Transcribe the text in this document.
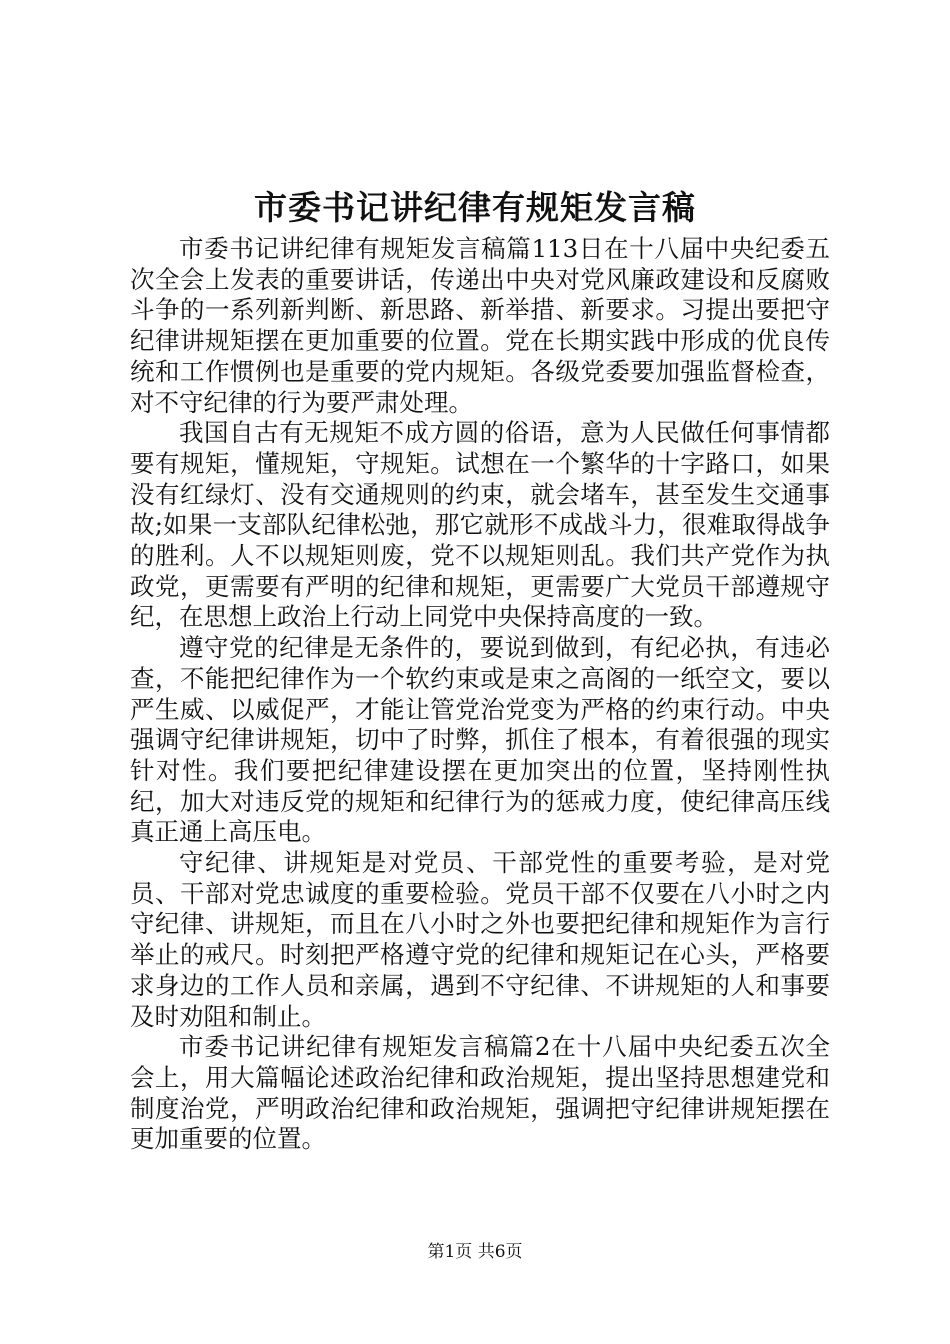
市委书记讲纪律有规矩发言稿

市委书记讲纪律有规矩发言稿篇113日在十八届中央纪委五次全会上发表的重要讲话，传递出中央对党风廉政建设和反腐败斗争的一系列新判断、新思路、新举措、新要求。习提出要把守纪律讲规矩摆在更加重要的位置。党在长期实践中形成的优良传统和工作惯例也是重要的党内规矩。各级党委要加强监督检查，对不守纪律的行为要严肃处理。

我国自古有无规矩不成方圆的俗语，意为人民做任何事情都要有规矩，懂规矩，守规矩。试想在一个繁华的十字路口，如果没有红绿灯、没有交通规则的约束，就会堵车，甚至发生交通事故;如果一支部队纪律松弛，那它就形不成战斗力，很难取得战争的胜利。人不以规矩则废，党不以规矩则乱。我们共产党作为执政党，更需要有严明的纪律和规矩，更需要广大党员干部遵规守纪，在思想上政治上行动上同党中央保持高度的一致。

遵守党的纪律是无条件的，要说到做到，有纪必执，有违必查，不能把纪律作为一个软约束或是束之高阁的一纸空文，要以严生威、以威促严，才能让管党治党变为严格的约束行动。中央强调守纪律讲规矩，切中了时弊，抓住了根本，有着很强的现实针对性。我们要把纪律建设摆在更加突出的位置，坚持刚性执纪，加大对违反党的规矩和纪律行为的惩戒力度，使纪律高压线真正通上高压电。

守纪律、讲规矩是对党员、干部党性的重要考验，是对党员、干部对党忠诚度的重要检验。党员干部不仅要在八小时之内守纪律、讲规矩，而且在八小时之外也要把纪律和规矩作为言行举止的戒尺。时刻把严格遵守党的纪律和规矩记在心头，严格要求身边的工作人员和亲属，遇到不守纪律、不讲规矩的人和事要及时劝阻和制止。

市委书记讲纪律有规矩发言稿篇2在十八届中央纪委五次全会上，用大篇幅论述政治纪律和政治规矩，提出坚持思想建党和制度治党，严明政治纪律和政治规矩，强调把守纪律讲规矩摆在更加重要的位置。

第1页 共6页
